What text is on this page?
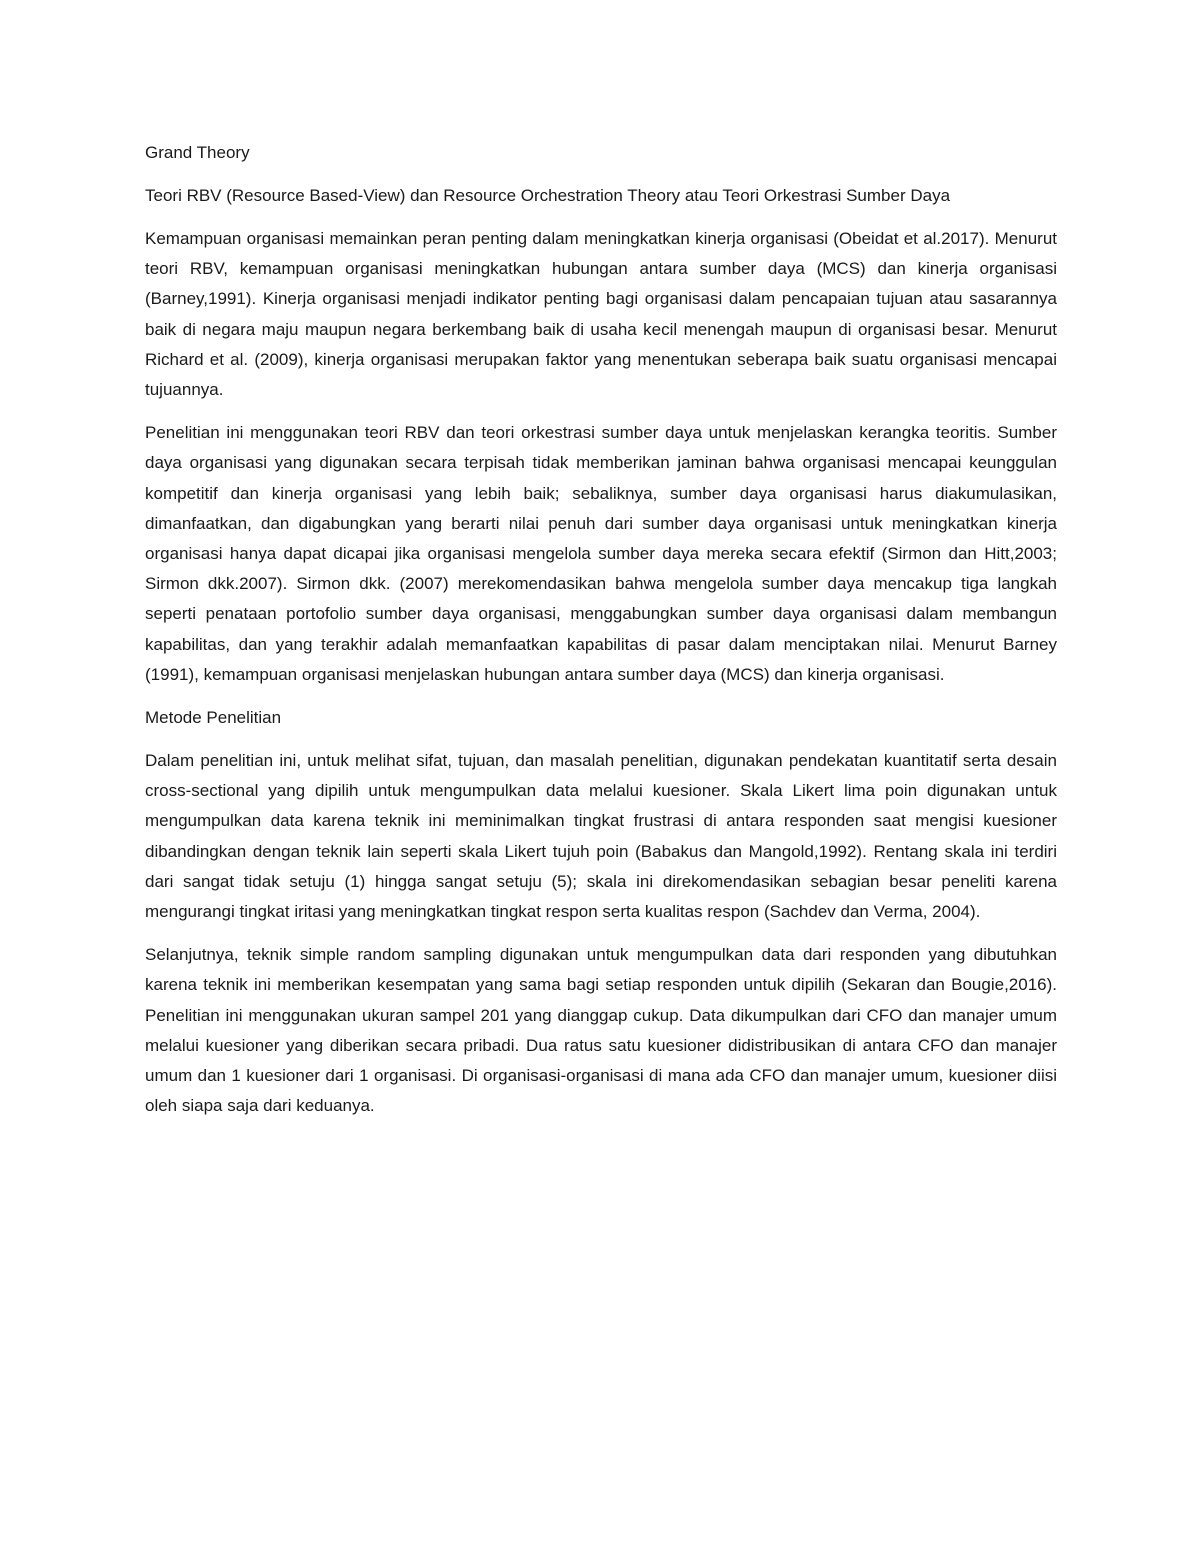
Grand Theory

Teori RBV (Resource Based-View) dan Resource Orchestration Theory atau Teori Orkestrasi Sumber Daya

Kemampuan organisasi memainkan peran penting dalam meningkatkan kinerja organisasi (Obeidat et al.2017). Menurut teori RBV, kemampuan organisasi meningkatkan hubungan antara sumber daya (MCS) dan kinerja organisasi (Barney,1991). Kinerja organisasi menjadi indikator penting bagi organisasi dalam pencapaian tujuan atau sasarannya baik di negara maju maupun negara berkembang baik di usaha kecil menengah maupun di organisasi besar. Menurut Richard et al. (2009), kinerja organisasi merupakan faktor yang menentukan seberapa baik suatu organisasi mencapai tujuannya.

Penelitian ini menggunakan teori RBV dan teori orkestrasi sumber daya untuk menjelaskan kerangka teoritis. Sumber daya organisasi yang digunakan secara terpisah tidak memberikan jaminan bahwa organisasi mencapai keunggulan kompetitif dan kinerja organisasi yang lebih baik; sebaliknya, sumber daya organisasi harus diakumulasikan, dimanfaatkan, dan digabungkan yang berarti nilai penuh dari sumber daya organisasi untuk meningkatkan kinerja organisasi hanya dapat dicapai jika organisasi mengelola sumber daya mereka secara efektif (Sirmon dan Hitt,2003; Sirmon dkk.2007). Sirmon dkk. (2007) merekomendasikan bahwa mengelola sumber daya mencakup tiga langkah seperti penataan portofolio sumber daya organisasi, menggabungkan sumber daya organisasi dalam membangun kapabilitas, dan yang terakhir adalah memanfaatkan kapabilitas di pasar dalam menciptakan nilai. Menurut Barney (1991), kemampuan organisasi menjelaskan hubungan antara sumber daya (MCS) dan kinerja organisasi.

Metode Penelitian

Dalam penelitian ini, untuk melihat sifat, tujuan, dan masalah penelitian, digunakan pendekatan kuantitatif serta desain cross-sectional yang dipilih untuk mengumpulkan data melalui kuesioner. Skala Likert lima poin digunakan untuk mengumpulkan data karena teknik ini meminimalkan tingkat frustrasi di antara responden saat mengisi kuesioner dibandingkan dengan teknik lain seperti skala Likert tujuh poin (Babakus dan Mangold,1992). Rentang skala ini terdiri dari sangat tidak setuju (1) hingga sangat setuju (5); skala ini direkomendasikan sebagian besar peneliti karena mengurangi tingkat iritasi yang meningkatkan tingkat respon serta kualitas respon (Sachdev dan Verma, 2004).

Selanjutnya, teknik simple random sampling digunakan untuk mengumpulkan data dari responden yang dibutuhkan karena teknik ini memberikan kesempatan yang sama bagi setiap responden untuk dipilih (Sekaran dan Bougie,2016). Penelitian ini menggunakan ukuran sampel 201 yang dianggap cukup. Data dikumpulkan dari CFO dan manajer umum melalui kuesioner yang diberikan secara pribadi. Dua ratus satu kuesioner didistribusikan di antara CFO dan manajer umum dan 1 kuesioner dari 1 organisasi. Di organisasi-organisasi di mana ada CFO dan manajer umum, kuesioner diisi oleh siapa saja dari keduanya.
